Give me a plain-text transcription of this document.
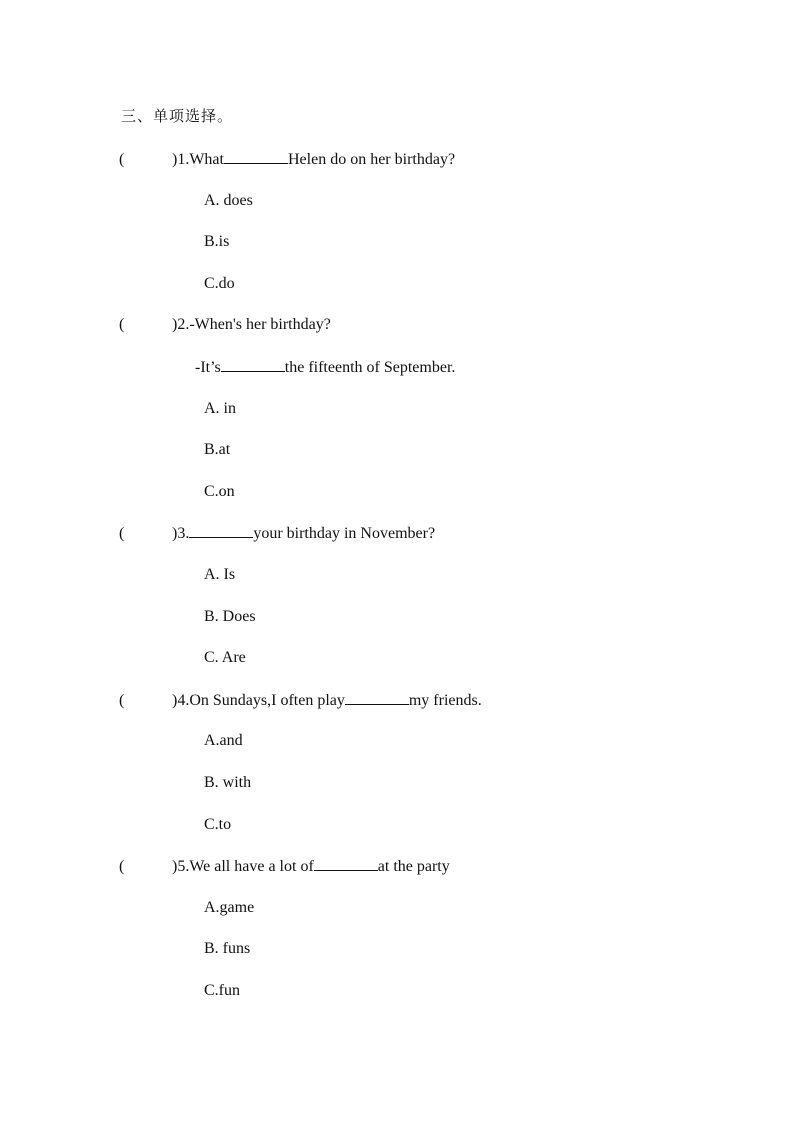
三、单项选择。
(	)1.What	Helen do on her birthday?
A. does
B.is
C.do
(	)2.-When's her birthday?
-It’s	the fifteenth of September.
A. in
B.at
C.on
(	)3.	your birthday in November?
A. Is
B. Does
C. Are
(	)4.On Sundays,I often play	my friends.
A.and
B. with
C.to
(	)5.We all have a lot of	at the party
A.game
B. funs
C.fun
